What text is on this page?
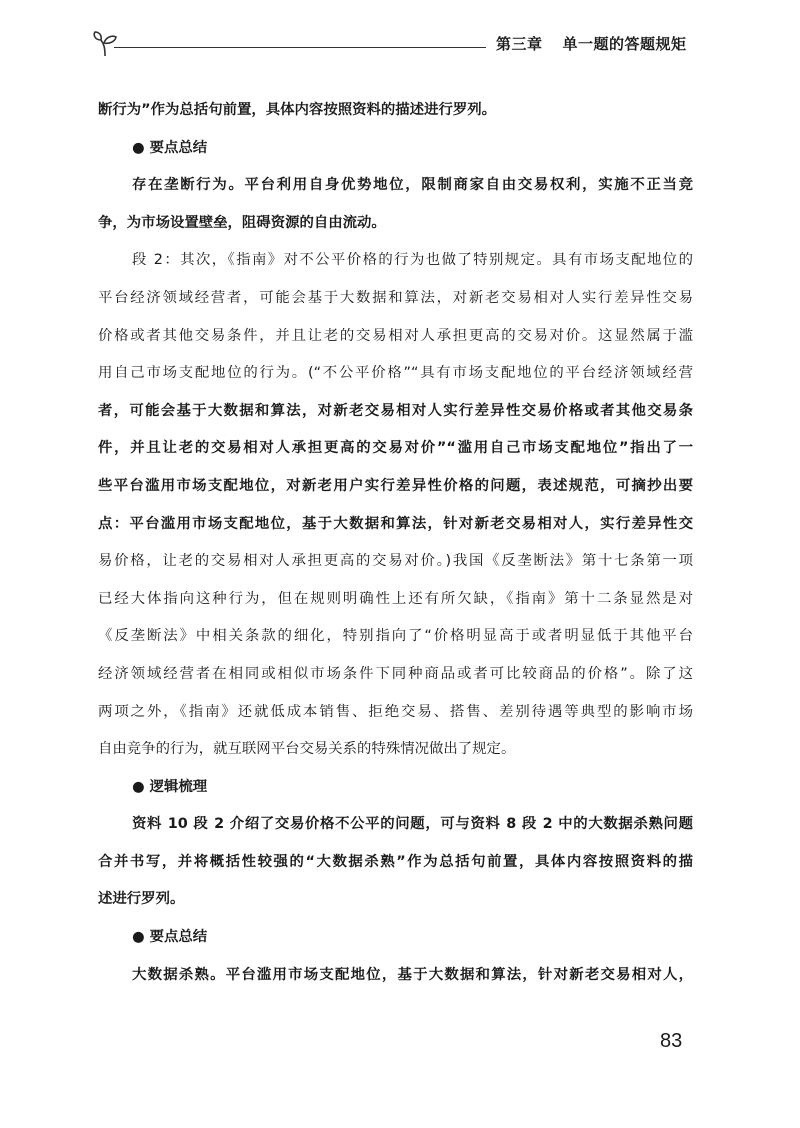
第三章 单一题的答题规矩
断行为”作为总括句前置，具体内容按照资料的描述进行罗列。
● 要点总结
存在垄断行为。平台利用自身优势地位，限制商家自由交易权利，实施不正当竞
争，为市场设置壁垒，阻碍资源的自由流动。
段 2：其次，《指南》对不公平价格的行为也做了特别规定。具有市场支配地位的
平台经济领域经营者，可能会基于大数据和算法，对新老交易相对人实行差异性交易
价格或者其他交易条件，并且让老的交易相对人承担更高的交易对价。这显然属于滥
用自己市场支配地位的行为。(“不公平价格”“具有市场支配地位的平台经济领域经营
者，可能会基于大数据和算法，对新老交易相对人实行差异性交易价格或者其他交易条
件，并且让老的交易相对人承担更高的交易对价”“滥用自己市场支配地位”指出了一
些平台滥用市场支配地位，对新老用户实行差异性价格的问题，表述规范，可摘抄出要
点：平台滥用市场支配地位，基于大数据和算法，针对新老交易相对人，实行差异性交
易价格，让老的交易相对人承担更高的交易对价。)我国《反垄断法》第十七条第一项
已经大体指向这种行为，但在规则明确性上还有所欠缺，《指南》第十二条显然是对
《反垄断法》中相关条款的细化，特别指向了“价格明显高于或者明显低于其他平台
经济领域经营者在相同或相似市场条件下同种商品或者可比较商品的价格”。除了这
两项之外，《指南》还就低成本销售、拒绝交易、搭售、差别待遇等典型的影响市场
自由竞争的行为，就互联网平台交易关系的特殊情况做出了规定。
● 逻辑梳理
资料 10 段 2 介绍了交易价格不公平的问题，可与资料 8 段 2 中的大数据杀熟问题
合并书写，并将概括性较强的“大数据杀熟”作为总括句前置，具体内容按照资料的描
述进行罗列。
● 要点总结
大数据杀熟。平台滥用市场支配地位，基于大数据和算法，针对新老交易相对人，
83
